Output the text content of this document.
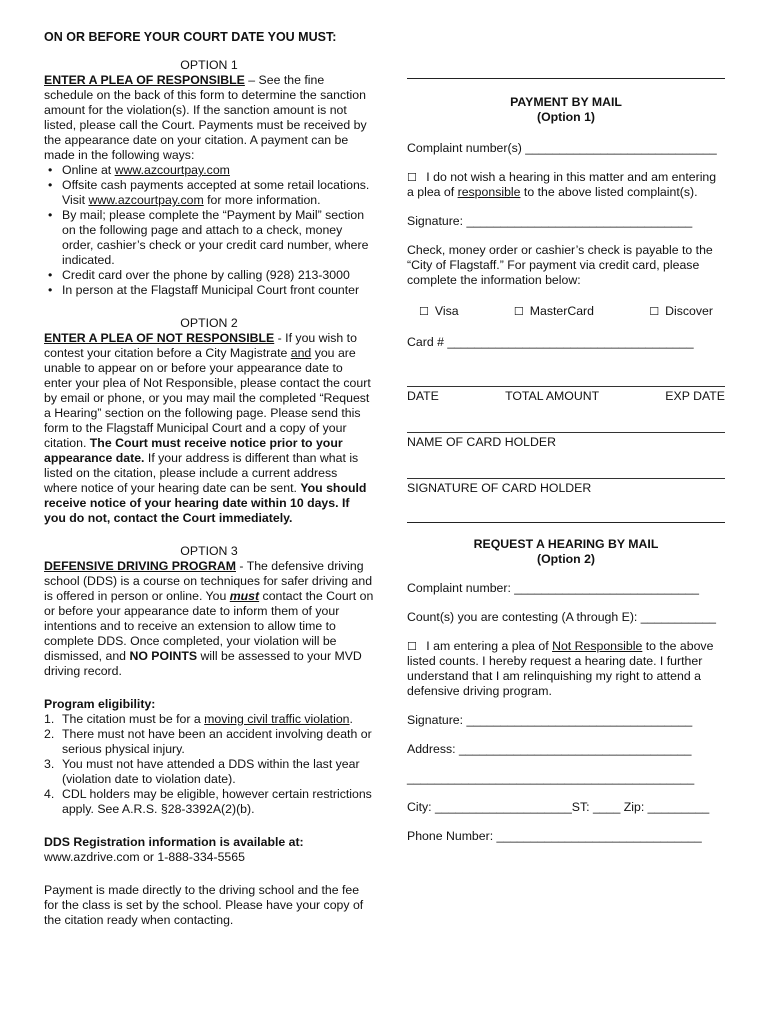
ON OR BEFORE YOUR COURT DATE YOU MUST:

OPTION 1

ENTER A PLEA OF RESPONSIBLE – See the fine schedule on the back of this form to determine the sanction amount for the violation(s). If the sanction amount is not listed, please call the Court. Payments must be received by the appearance date on your citation. A payment can be made in the following ways:

• Online at www.azcourtpay.com
• Offsite cash payments accepted at some retail locations. Visit www.azcourtpay.com for more information.
• By mail; please complete the “Payment by Mail” section on the following page and attach to a check, money order, cashier’s check or your credit card number, where indicated.
• Credit card over the phone by calling (928) 213-3000
• In person at the Flagstaff Municipal Court front counter

OPTION 2

ENTER A PLEA OF NOT RESPONSIBLE - If you wish to contest your citation before a City Magistrate and you are unable to appear on or before your appearance date to enter your plea of Not Responsible, please contact the court by email or phone, or you may mail the completed “Request a Hearing” section on the following page. Please send this form to the Flagstaff Municipal Court and a copy of your citation. The Court must receive notice prior to your appearance date. If your address is different than what is listed on the citation, please include a current address where notice of your hearing date can be sent. You should receive notice of your hearing date within 10 days. If you do not, contact the Court immediately.

OPTION 3

DEFENSIVE DRIVING PROGRAM - The defensive driving school (DDS) is a course on techniques for safer driving and is offered in person or online. You must contact the Court on or before your appearance date to inform them of your intentions and to receive an extension to allow time to complete DDS. Once completed, your violation will be dismissed, and NO POINTS will be assessed to your MVD driving record.

Program eligibility:

1. The citation must be for a moving civil traffic violation.
2. There must not have been an accident involving death or serious physical injury.
3. You must not have attended a DDS within the last year (violation date to violation date).
4. CDL holders may be eligible, however certain restrictions apply. See A.R.S. §28-3392A(2)(b).

DDS Registration information is available at:

www.azdrive.com or 1-888-334-5565

Payment is made directly to the driving school and the fee for the class is set by the school. Please have your copy of the citation ready when contacting.

PAYMENT BY MAIL

(Option 1)

Complaint number(s) ____________________________

☐ I do not wish a hearing in this matter and am entering a plea of responsible to the above listed complaint(s).

Signature: _________________________________

Check, money order or cashier’s check is payable to the “City of Flagstaff.” For payment via credit card, please complete the information below:

☐ Visa	☐ MasterCard	☐ Discover

Card # ____________________________________

DATE	TOTAL AMOUNT	EXP DATE

NAME OF CARD HOLDER

SIGNATURE OF CARD HOLDER

REQUEST A HEARING BY MAIL

(Option 2)

Complaint number: ___________________________

Count(s) you are contesting (A through E): ___________

☐ I am entering a plea of Not Responsible to the above listed counts. I hereby request a hearing date. I further understand that I am relinquishing my right to attend a defensive driving program.

Signature: _________________________________

Address: __________________________________

__________________________________________

City: ____________________ST: ____ Zip: _________

Phone Number: ______________________________
